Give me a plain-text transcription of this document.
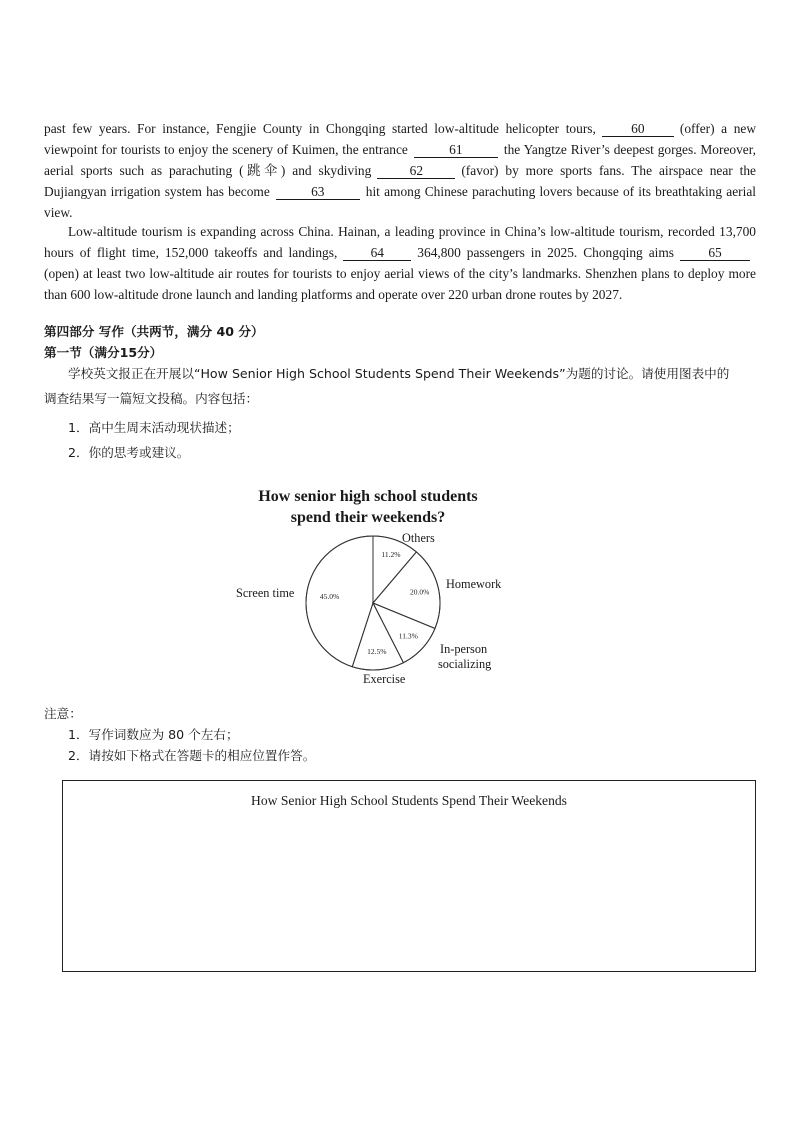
past few years. For instance, Fengjie County in Chongqing started low-altitude helicopter tours,	60	(offer) a new viewpoint for tourists to enjoy the scenery of Kuimen, the entrance	61	the Yangtze River’s deepest gorges. Moreover, aerial sports such as parachuting (跳伞) and skydiving	62	(favor) by more sports fans. The airspace near the Dujiangyan irrigation system has become	63	hit among Chinese parachuting lovers because of its breathtaking aerial view.
Low-altitude tourism is expanding across China. Hainan, a leading province in China’s low-altitude tourism, recorded 13,700 hours of flight time, 152,000 takeoffs and landings, 64 364,800 passengers in 2025. Chongqing aims	65(open) at least two low-altitude air routes for tourists to enjoy aerial views of the city’s landmarks. Shenzhen plans to deploy more than 600 low-altitude drone launch and landing platforms and operate over 220 urban drone routes by 2027.
第四部分 写作（共两节，满分 40 分）
第一节（满分15分）
学校英文报正在开展以“How Senior High School Students Spend Their Weekends”为题的讨论。请使用图表中的
调查结果写一篇短文投稿。内容包括：
1．高中生周末活动现状描述；
2．你的思考或建议。
How senior high school students
spend their weekends?
11.2%
20.0%
11.3%
12.5%
45.0%
Others
Homework
In-person
socializing
Exercise
Screen time
注意：
1．写作词数应为 80 个左右；
2．请按如下格式在答题卡的相应位置作答。
How Senior High School Students Spend Their Weekends
